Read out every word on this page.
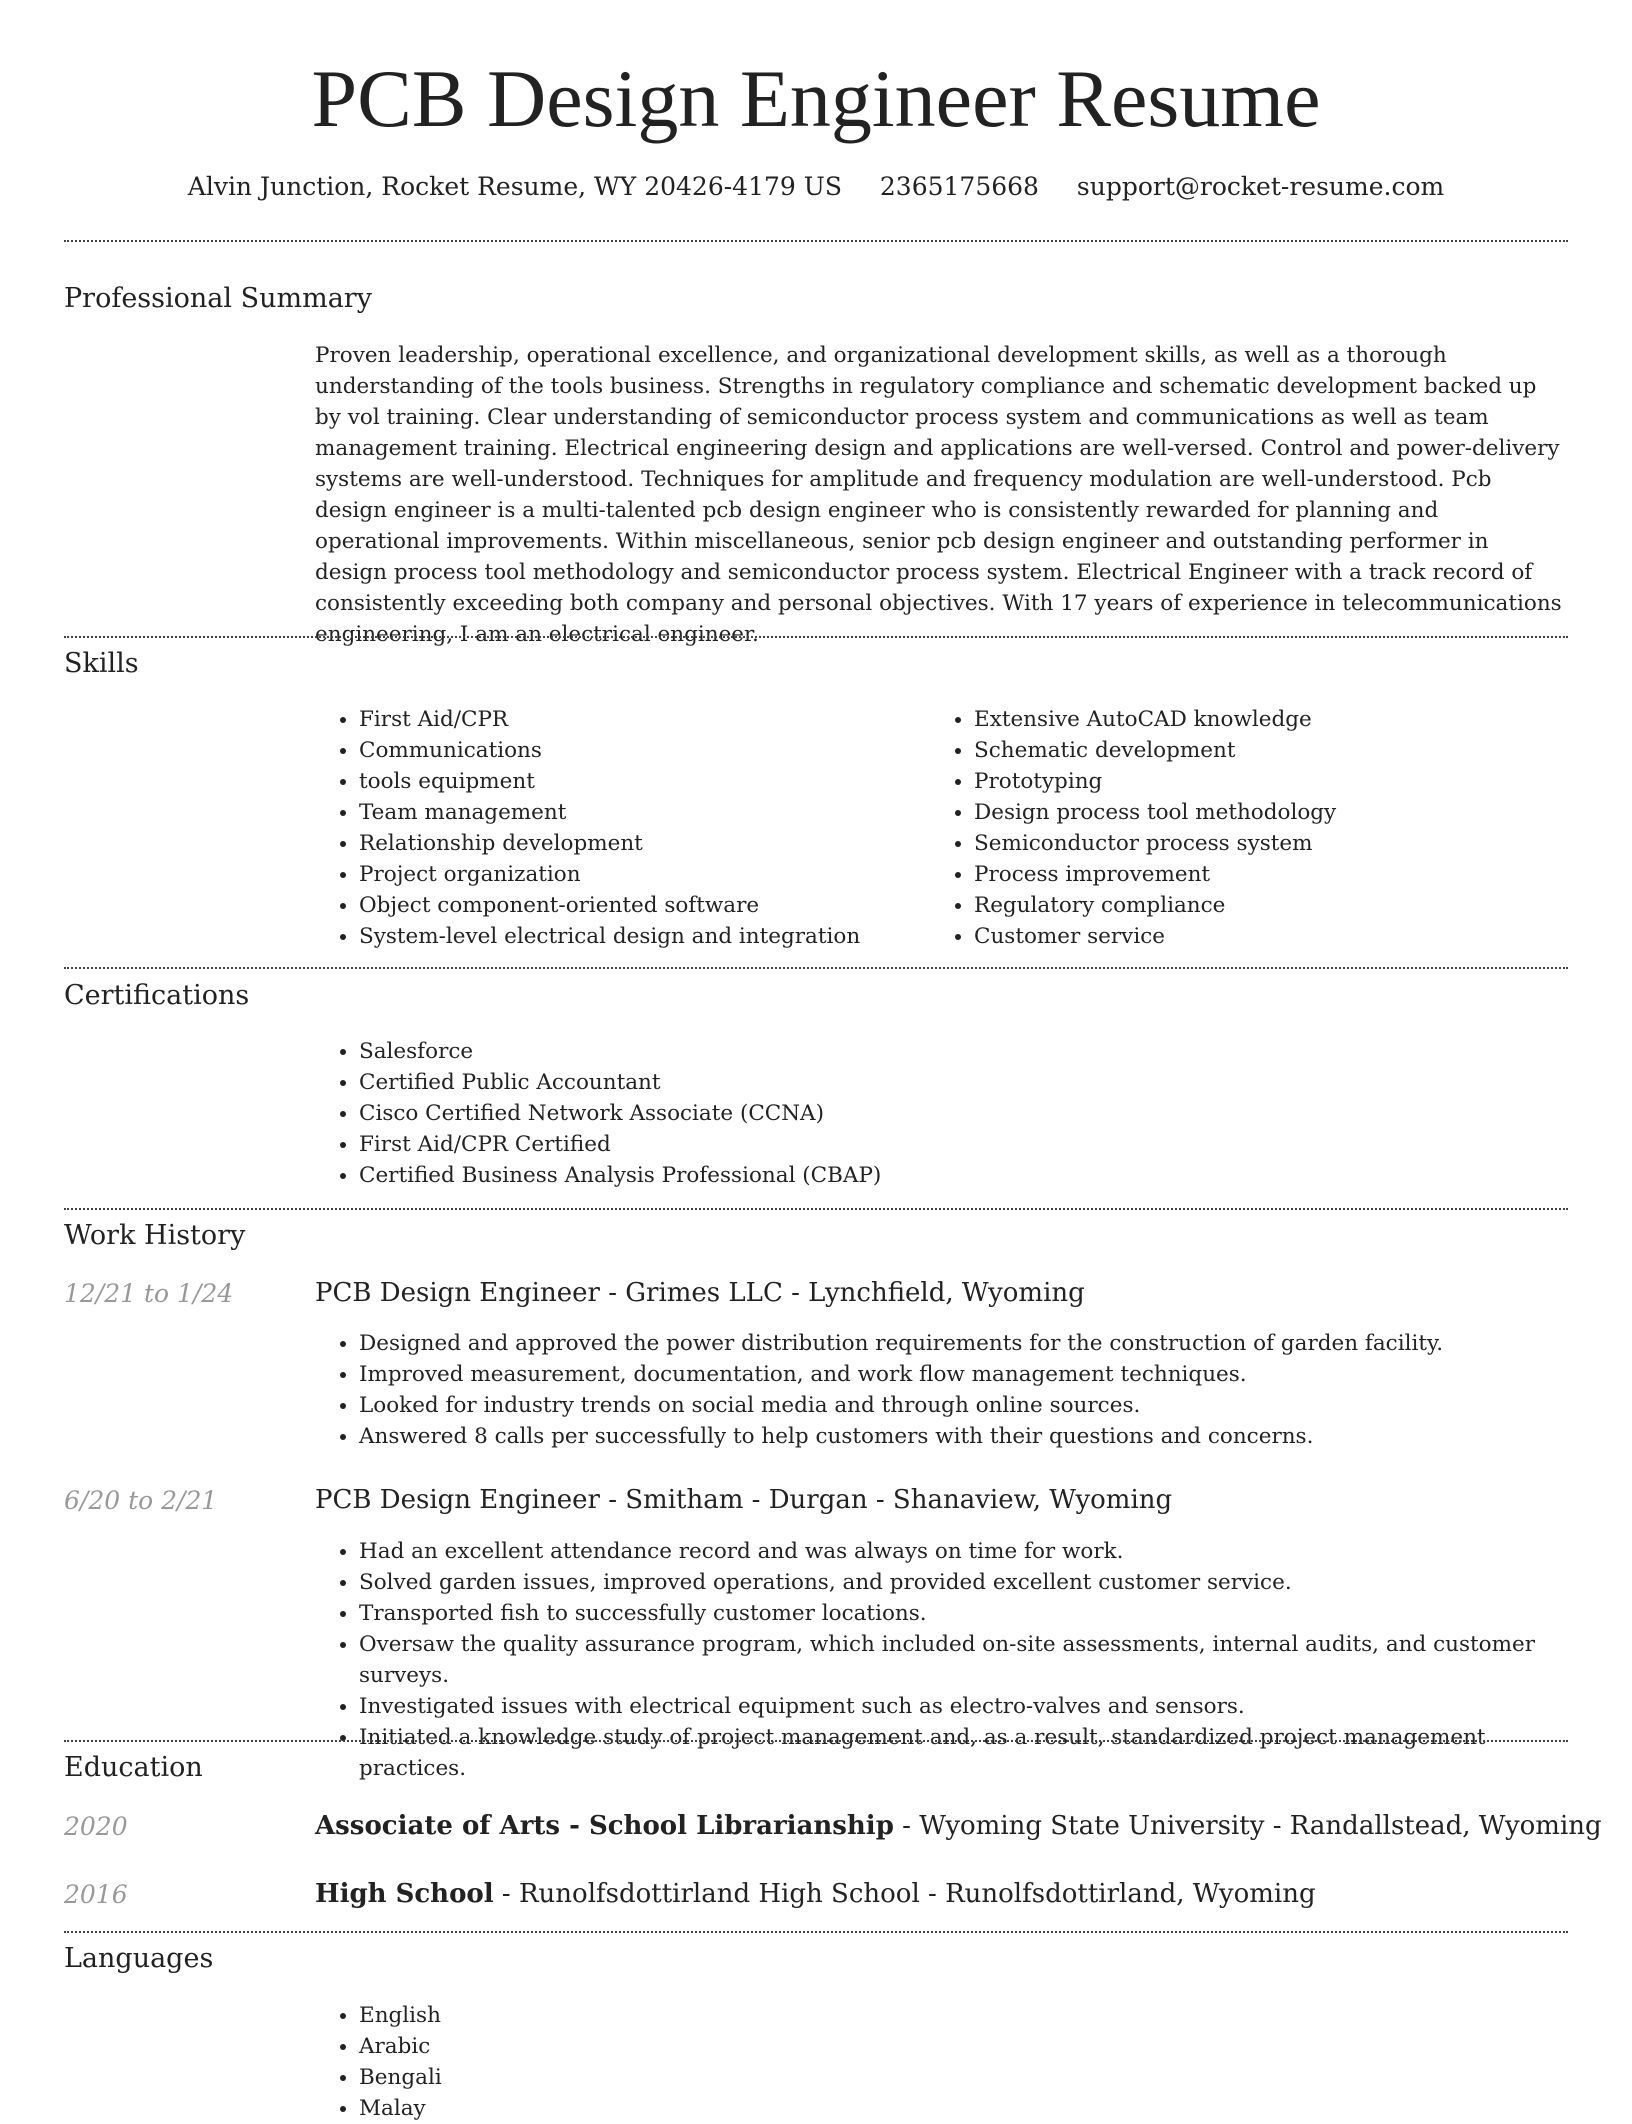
PCB Design Engineer Resume
Alvin Junction, Rocket Resume, WY 20426-4179 US 2365175668 support@rocket-resume.com
Professional Summary

Proven leadership, operational excellence, and organizational development skills, as well as a thorough understanding of the tools business. Strengths in regulatory compliance and schematic development backed up by vol training. Clear understanding of semiconductor process system and communications as well as team management training. Electrical engineering design and applications are well-versed. Control and power-delivery systems are well-understood. Techniques for amplitude and frequency modulation are well-understood. Pcb design engineer is a multi-talented pcb design engineer who is consistently rewarded for planning and operational improvements. Within miscellaneous, senior pcb design engineer and outstanding performer in design process tool methodology and semiconductor process system. Electrical Engineer with a track record of consistently exceeding both company and personal objectives. With 17 years of experience in telecommunications engineering, I am an electrical engineer.

Skills
• First Aid/CPR
• Communications
• tools equipment
• Team management
• Relationship development
• Project organization
• Object component-oriented software
• System-level electrical design and integration
• Extensive AutoCAD knowledge
• Schematic development
• Prototyping
• Design process tool methodology
• Semiconductor process system
• Process improvement
• Regulatory compliance
• Customer service
Certifications
• Salesforce
• Certified Public Accountant
• Cisco Certified Network Associate (CCNA)
• First Aid/CPR Certified
• Certified Business Analysis Professional (CBAP)
Work History
12/21 to 1/24	PCB Design Engineer - Grimes LLC - Lynchfield, Wyoming
• Designed and approved the power distribution requirements for the construction of garden facility.
• Improved measurement, documentation, and work flow management techniques.
• Looked for industry trends on social media and through online sources.
• Answered 8 calls per successfully to help customers with their questions and concerns.
6/20 to 2/21	PCB Design Engineer - Smitham - Durgan - Shanaview, Wyoming
• Had an excellent attendance record and was always on time for work.
• Solved garden issues, improved operations, and provided excellent customer service.
• Transported fish to successfully customer locations.
• Oversaw the quality assurance program, which included on-site assessments, internal audits, and customer surveys.
• Investigated issues with electrical equipment such as electro-valves and sensors.
• Initiated a knowledge study of project management and, as a result, standardized project management practices.
Education
2020	Associate of Arts - School Librarianship - Wyoming State University - Randallstead, Wyoming
2016	High School - Runolfsdottirland High School - Runolfsdottirland, Wyoming
Languages
• English
• Arabic
• Bengali
• Malay
